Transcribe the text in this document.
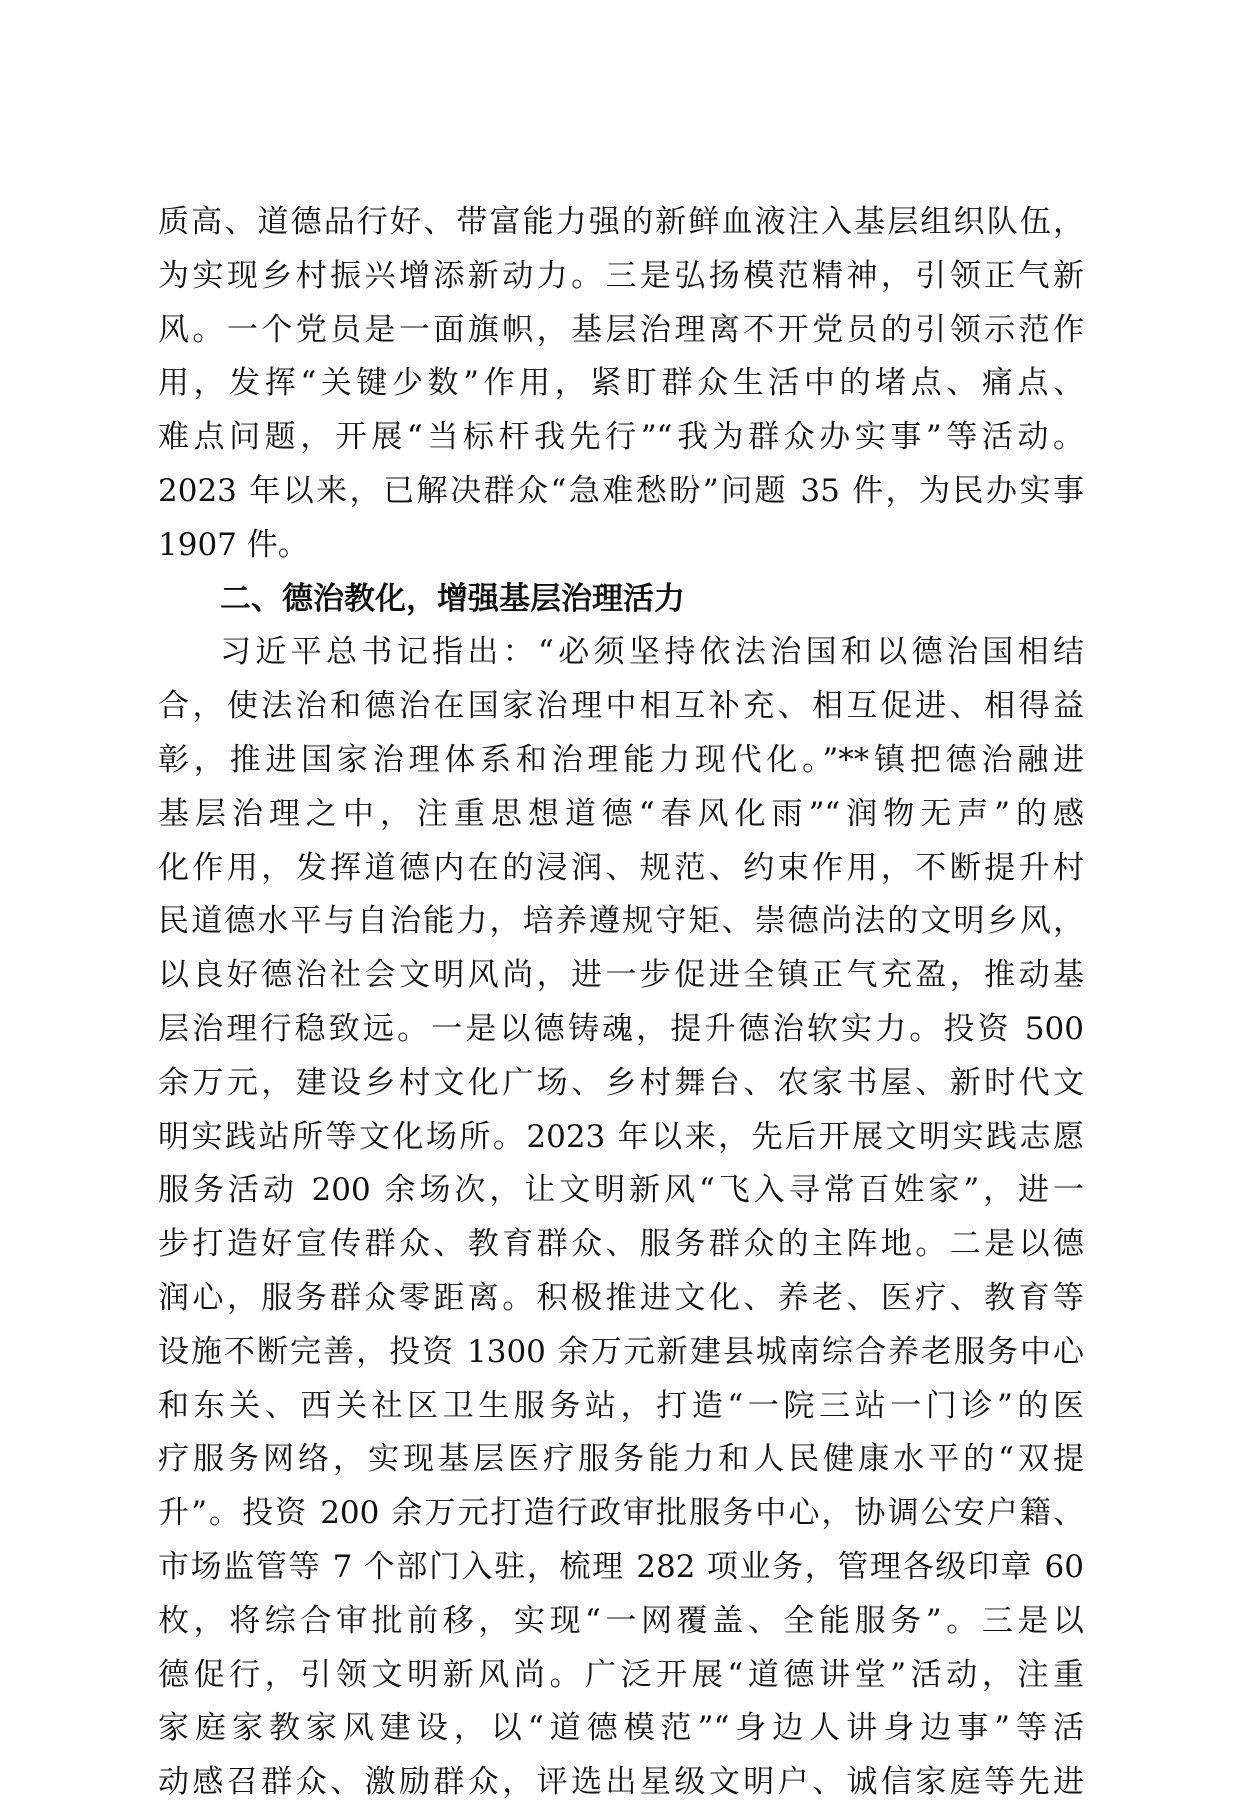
质高、道德品行好、带富能力强的新鲜血液注入基层组织队伍，
为实现乡村振兴增添新动力。三是弘扬模范精神，引领正气新
风。一个党员是一面旗帜，基层治理离不开党员的引领示范作
用，发挥“关键少数”作用，紧盯群众生活中的堵点、痛点、
难点问题，开展“当标杆我先行”“我为群众办实事”等活动。
2023 年以来，已解决群众“急难愁盼”问题 35 件，为民办实事
1907 件。
二、德治教化，增强基层治理活力
习近平总书记指出：“必须坚持依法治国和以德治国相结
合，使法治和德治在国家治理中相互补充、相互促进、相得益
彰，推进国家治理体系和治理能力现代化。”**镇把德治融进
基层治理之中，注重思想道德“春风化雨”“润物无声”的感
化作用，发挥道德内在的浸润、规范、约束作用，不断提升村
民道德水平与自治能力，培养遵规守矩、崇德尚法的文明乡风，
以良好德治社会文明风尚，进一步促进全镇正气充盈，推动基
层治理行稳致远。一是以德铸魂，提升德治软实力。投资 500
余万元，建设乡村文化广场、乡村舞台、农家书屋、新时代文
明实践站所等文化场所。2023 年以来，先后开展文明实践志愿
服务活动 200 余场次，让文明新风“飞入寻常百姓家”，进一
步打造好宣传群众、教育群众、服务群众的主阵地。二是以德
润心，服务群众零距离。积极推进文化、养老、医疗、教育等
设施不断完善，投资 1300 余万元新建县城南综合养老服务中心
和东关、西关社区卫生服务站，打造“一院三站一门诊”的医
疗服务网络，实现基层医疗服务能力和人民健康水平的“双提
升”。投资 200 余万元打造行政审批服务中心，协调公安户籍、
市场监管等 7 个部门入驻，梳理 282 项业务，管理各级印章 60
枚，将综合审批前移，实现“一网覆盖、全能服务”。三是以
德促行，引领文明新风尚。广泛开展“道德讲堂”活动，注重
家庭家教家风建设，以“道德模范”“身边人讲身边事”等活
动感召群众、激励群众，评选出星级文明户、诚信家庭等先进
